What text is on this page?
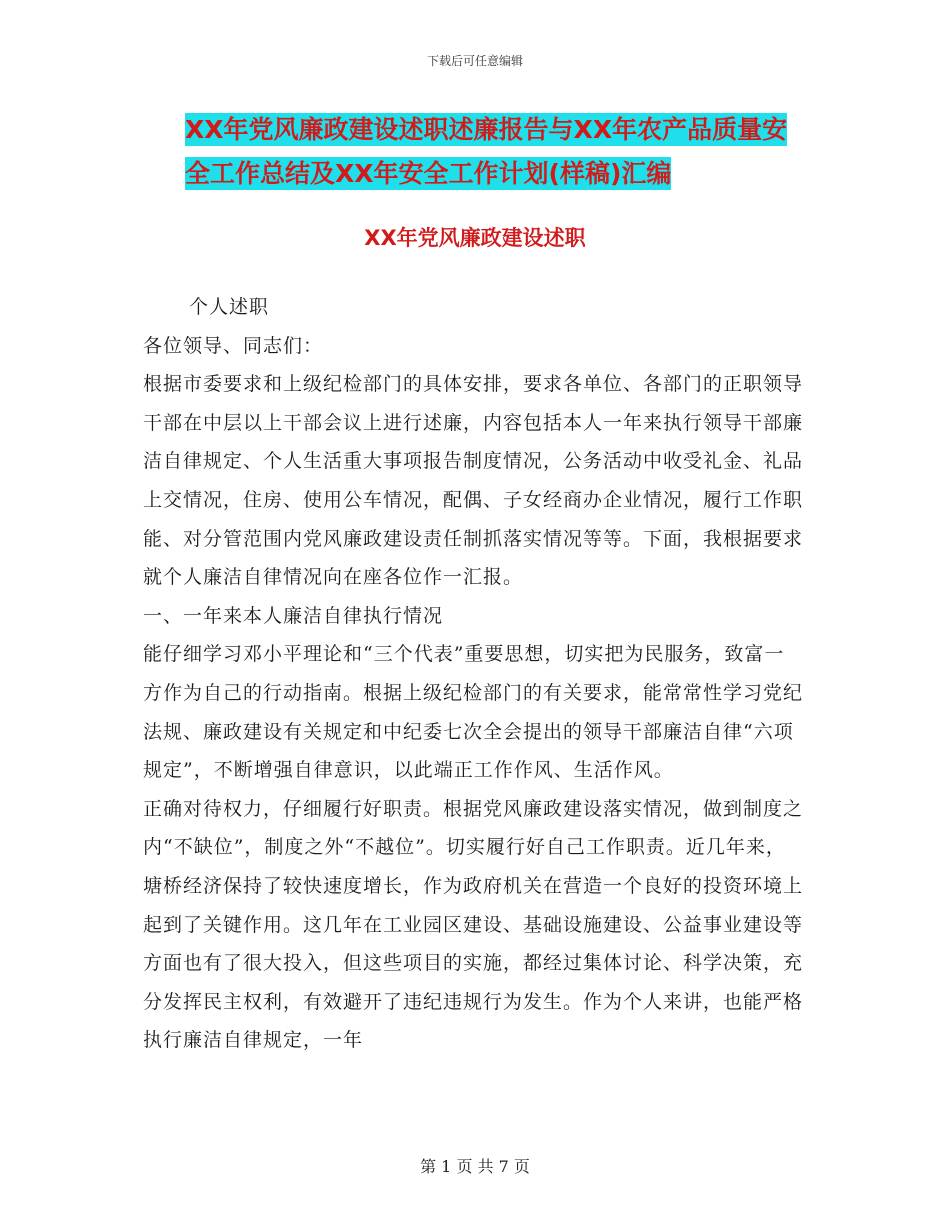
下载后可任意编辑
XX年党风廉政建设述职述廉报告与XX年农产品质量安
全工作总结及XX年安全工作计划(样稿)汇编
XX年党风廉政建设述职

个人述职

各位领导、同志们：

根据市委要求和上级纪检部门的具体安排，要求各单位、各部门的正职领导干部在中层以上干部会议上进行述廉，内容包括本人一年来执行领导干部廉洁自律规定、个人生活重大事项报告制度情况，公务活动中收受礼金、礼品上交情况，住房、使用公车情况，配偶、子女经商办企业情况，履行工作职能、对分管范围内党风廉政建设责任制抓落实情况等等。下面，我根据要求就个人廉洁自律情况向在座各位作一汇报。

一、一年来本人廉洁自律执行情况

能仔细学习邓小平理论和“三个代表”重要思想，切实把为民服务，致富一方作为自己的行动指南。根据上级纪检部门的有关要求，能常常性学习党纪法规、廉政建设有关规定和中纪委七次全会提出的领导干部廉洁自律“六项规定”，不断增强自律意识，以此端正工作作风、生活作风。

正确对待权力，仔细履行好职责。根据党风廉政建设落实情况，做到制度之内“不缺位”，制度之外“不越位”。切实履行好自己工作职责。近几年来，塘桥经济保持了较快速度增长，作为政府机关在营造一个良好的投资环境上起到了关键作用。这几年在工业园区建设、基础设施建设、公益事业建设等方面也有了很大投入，但这些项目的实施，都经过集体讨论、科学决策，充分发挥民主权利，有效避开了违纪违规行为发生。作为个人来讲，也能严格执行廉洁自律规定，一年

第 1 页 共 7 页
